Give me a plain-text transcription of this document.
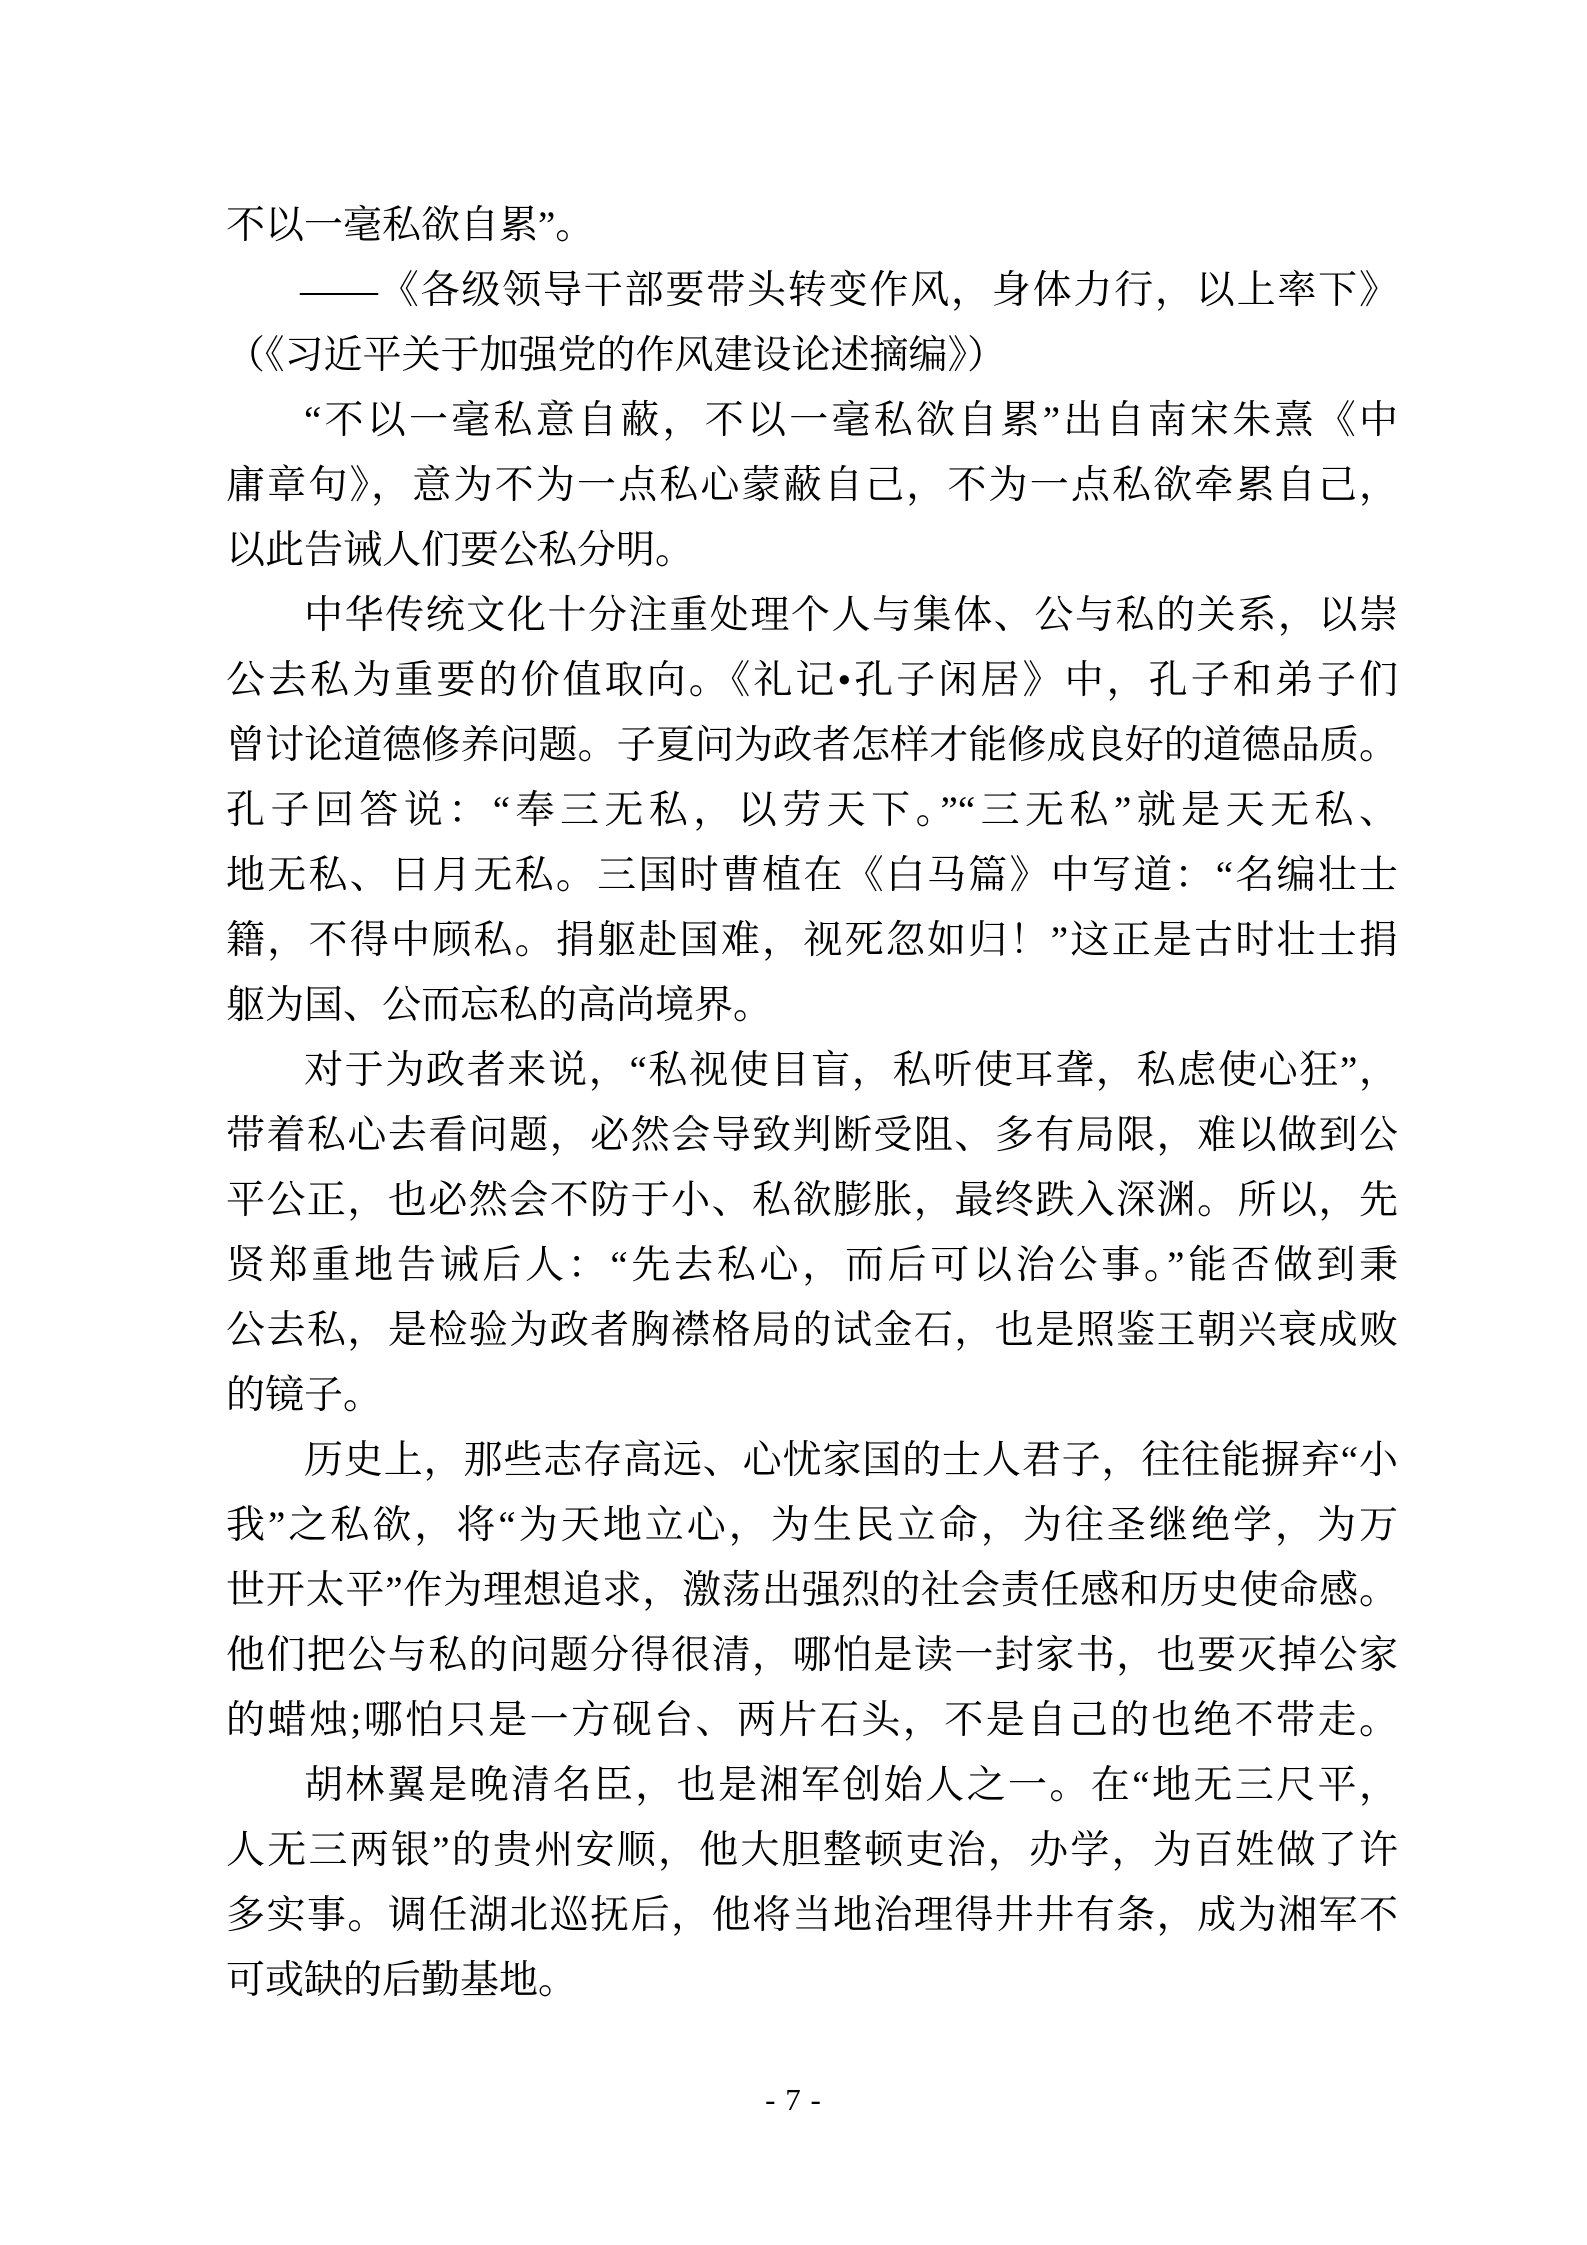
不以一毫私欲自累”。
——《各级领导干部要带头转变作风，身体力行，以上率下》
（《习近平关于加强党的作风建设论述摘编》）
“不以一毫私意自蔽，不以一毫私欲自累”出自南宋朱熹《中
庸章句》，意为不为一点私心蒙蔽自己，不为一点私欲牵累自己，
以此告诫人们要公私分明。
中华传统文化十分注重处理个人与集体、公与私的关系，以崇
公去私为重要的价值取向。《礼记•孔子闲居》中，孔子和弟子们
曾讨论道德修养问题。子夏问为政者怎样才能修成良好的道德品质。
孔子回答说：“奉三无私，以劳天下。”“三无私”就是天无私、
地无私、日月无私。三国时曹植在《白马篇》中写道：“名编壮士
籍，不得中顾私。捐躯赴国难，视死忽如归！”这正是古时壮士捐
躯为国、公而忘私的高尚境界。
对于为政者来说，“私视使目盲，私听使耳聋，私虑使心狂”，
带着私心去看问题，必然会导致判断受阻、多有局限，难以做到公
平公正，也必然会不防于小、私欲膨胀，最终跌入深渊。所以，先
贤郑重地告诫后人：“先去私心，而后可以治公事。”能否做到秉
公去私，是检验为政者胸襟格局的试金石，也是照鉴王朝兴衰成败
的镜子。
历史上，那些志存高远、心忧家国的士人君子，往往能摒弃“小
我”之私欲，将“为天地立心，为生民立命，为往圣继绝学，为万
世开太平”作为理想追求，激荡出强烈的社会责任感和历史使命感。
他们把公与私的问题分得很清，哪怕是读一封家书，也要灭掉公家
的蜡烛;哪怕只是一方砚台、两片石头，不是自己的也绝不带走。
胡林翼是晚清名臣，也是湘军创始人之一。在“地无三尺平，
人无三两银”的贵州安顺，他大胆整顿吏治，办学，为百姓做了许
多实事。调任湖北巡抚后，他将当地治理得井井有条，成为湘军不
可或缺的后勤基地。
- 7 -
